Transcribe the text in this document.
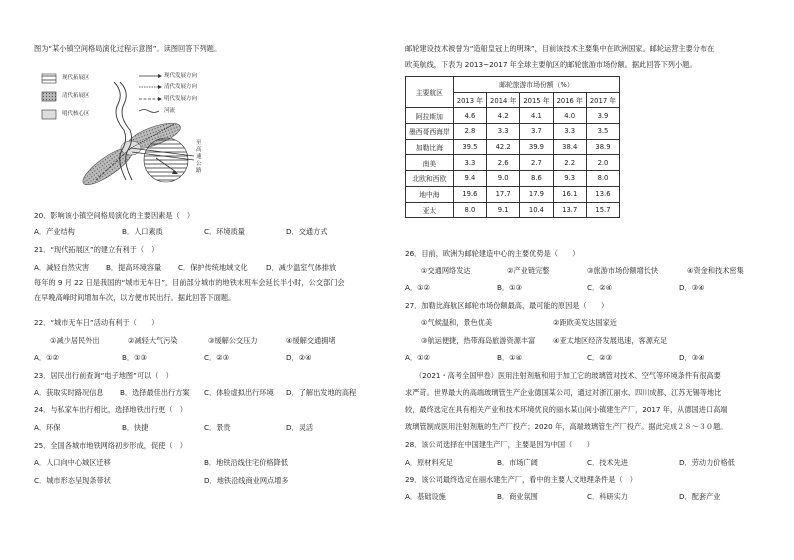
图为“某小镇空间格局演化过程示意图”。读图回答下列题。
现代拓展区
清代拓展区
明代核心区
现代发展方向
清代发展方向
明代发展方向
河流
至高速公路
20．影响该小镇空间格局演化的主要因素是（　）
A．产业结构	B．人口素质	C．环境质量	D．交通方式
21．“现代拓展区”的建立有利于（　）
A．减轻自然灾害 B．提高环境容量 C．保护传统地域文化	D．减少温室气体排放
每年的 9 月 22 日是我国的“城市无车日”，目前部分城市的地铁末班车会延长半小时，公交部门会
在早晚高峰时间增加车次，以方便市民出行。据此回答下面题。
22．“城市无车日”活动有利于（　　）
①减少居民外出	②减轻大气污染	③缓解公交压力	④缓解交通拥堵
A．①②	B．①③	C．②③	D．②④
23．居民出行前查询“电子地图”可以（　）
A．获取实时路况信息 B．选择最佳出行方案 C．体验虚拟出行环境 D．了解出发地的高程
24．与私家车出行相比，选择地铁出行更（　）
A．环保	B．快捷	C．景贵	D．灵活
25．全国各城市地铁网络初步形成，促使（　）
A．人口向中心城区迁移	B．地铁沿线住宅价格降低
C．城市形态呈现条带状	D．地铁沿线商业网点增多
邮轮建设技术被誉为“造船皇冠上的明珠”，目前该技术主要集中在欧洲国家。邮轮运营主要分布在
欧美航线，下表为 2013~2017 年全球主要航区的邮轮旅游市场份额。据此回答下列小题。
主要航区	邮轮旅游市场份额（%）				
	2013 年	2014 年	2015 年	2016 年	2017 年
阿拉斯加	4.6	4.2	4.1	4.0	3.9
墨西哥西海岸	2.8	3.3	3.7	3.3	3.5
加勒比海	39.5	42.2	39.9	38.4	38.9
南美	3.3	2.6	2.7	2.2	2.0
北欧和西欧	9.4	9.0	8.6	9.3	8.0
地中海	19.6	17.7	17.9	16.1	13.6
亚太	8.0	9.1	10.4	13.7	15.7
26．目前，欧洲为邮轮建造中心的主要优势是（　　）
①交通网络发达	②产业链完整	③旅游市场份额增长快	④资金和技术密集
A．①②	B．①③	C．②④	D．③④
27．加勒比海航区邮轮市场份额最高，最可能的原因是（　　）
①气候温和，景色优美	②距欧美发达国家近
③航运便捷，热带海岛旅游资源丰富 ④亚太地区经济发展迅速，客源充足
A．①②	B．①④	C．②③	D．③④
（2021・高考全国甲卷）医用注射剂瓶和用于加工它的玻璃管对技术、空气等环境条件有很高要
求严苛。世界最大的高端玻璃管生产企业德国某公司，通过对浙江丽水、四川成都、江苏无锡等地比
较，最终选定在具有相关产业和技术环境优良的丽水某山间小镇建生产厂，2017 年，从德国进口高端
玻璃管制成医用注射剂瓶的生产厂投产；2020 年，高端玻璃管生产厂投产。据此完成２８～３０题。
28．该公司选择在中国建生产厂，主要是因为中国（　　）
A．原材料充足	B．市场广阔	C．技术先进	D．劳动力价格低
29．该公司最终选定在丽水建生产厂，看中的主要人文地理条件是（　）
A．基础设施	B．商业氛围	C．科研实力	D．配套产业
